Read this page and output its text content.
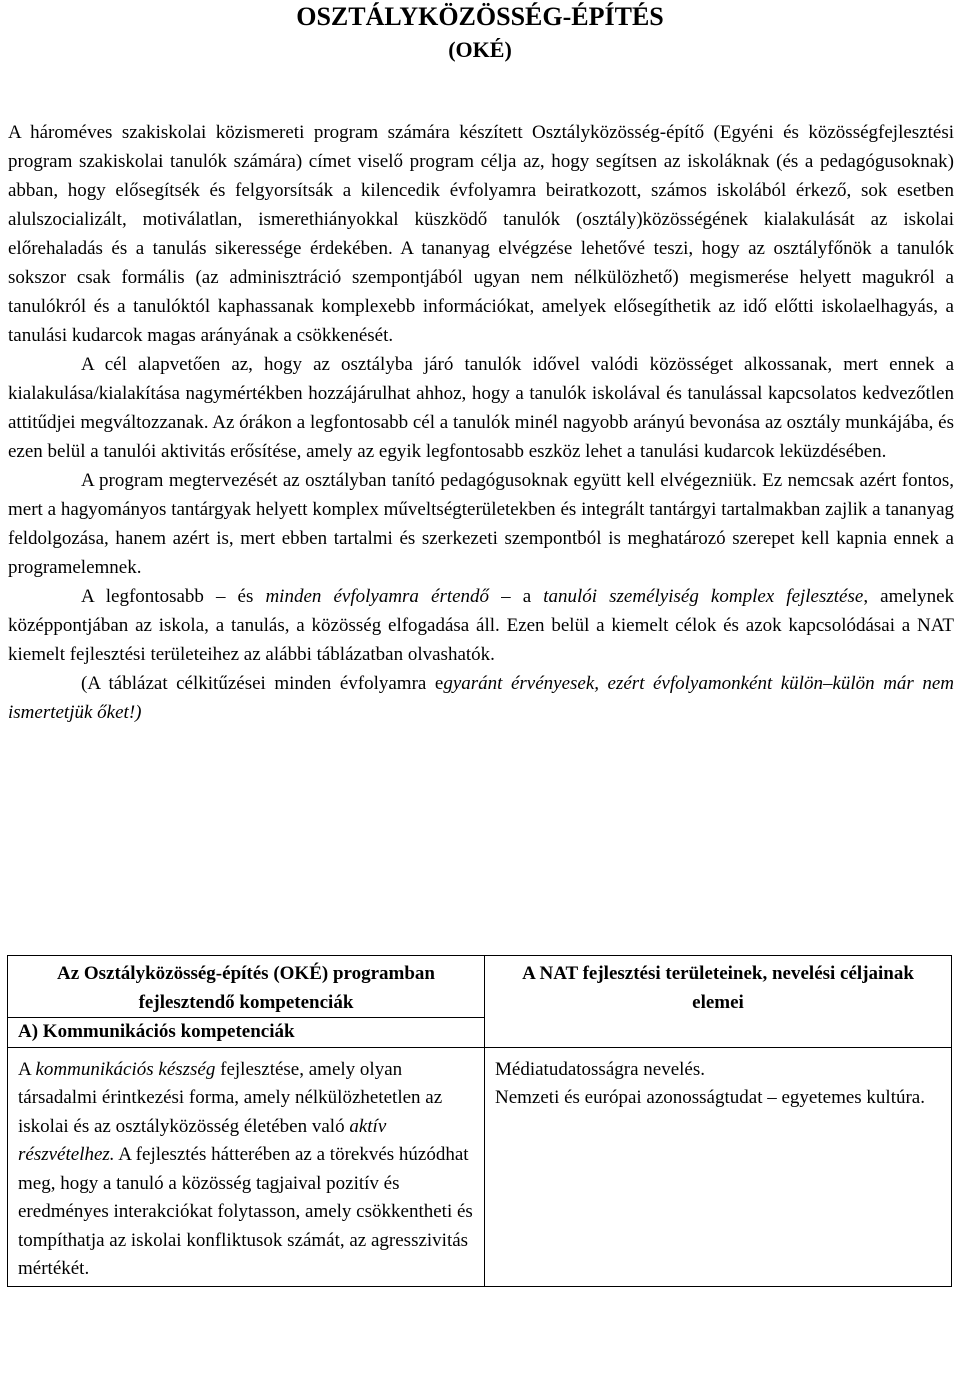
OSZTÁLYKÖZÖSSÉG-ÉPÍTÉS
(OKÉ)

A hároméves szakiskolai közismereti program számára készített Osztályközösség-építő (Egyéni és közösségfejlesztési program szakiskolai tanulók számára) címet viselő program célja az, hogy segítsen az iskoláknak (és a pedagógusoknak) abban, hogy elősegítsék és felgyorsítsák a kilencedik évfolyamra beiratkozott, számos iskolából érkező, sok esetben alulszocializált, motiválatlan, ismerethiányokkal küszködő tanulók (osztály)közösségének kialakulását az iskolai előrehaladás és a tanulás sikeressége érdekében. A tananyag elvégzése lehetővé teszi, hogy az osztályfőnök a tanulók sokszor csak formális (az adminisztráció szempontjából ugyan nem nélkülözhető) megismerése helyett magukról a tanulókról és a tanulóktól kaphassanak komplexebb információkat, amelyek elősegíthetik az idő előtti iskolaelhagyás, a tanulási kudarcok magas arányának a csökkenését.

A cél alapvetően az, hogy az osztályba járó tanulók idővel valódi közösséget alkossanak, mert ennek a kialakulása/kialakítása nagymértékben hozzájárulhat ahhoz, hogy a tanulók iskolával és tanulással kapcsolatos kedvezőtlen attitűdjei megváltozzanak. Az órákon a legfontosabb cél a tanulók minél nagyobb arányú bevonása az osztály munkájába, és ezen belül a tanulói aktivitás erősítése, amely az egyik legfontosabb eszköz lehet a tanulási kudarcok leküzdésében.

A program megtervezését az osztályban tanító pedagógusoknak együtt kell elvégezniük. Ez nemcsak azért fontos, mert a hagyományos tantárgyak helyett komplex műveltségterületekben és integrált tantárgyi tartalmakban zajlik a tananyag feldolgozása, hanem azért is, mert ebben tartalmi és szerkezeti szempontból is meghatározó szerepet kell kapnia ennek a programelemnek.

A legfontosabb – és minden évfolyamra értendő – a tanulói személyiség komplex fejlesztése, amelynek középpontjában az iskola, a tanulás, a közösség elfogadása áll. Ezen belül a kiemelt célok és azok kapcsolódásai a NAT kiemelt fejlesztési területeihez az alábbi táblázatban olvashatók.

(A táblázat célkitűzései minden évfolyamra egyaránt érvényesek, ezért évfolyamonként külön–külön már nem ismertetjük őket!)

Az Osztályközösség-építés (OKÉ) programban fejlesztendő kompetenciák	A NAT fejlesztési területeinek, nevelési céljainak elemei
A) Kommunikációs kompetenciák	
A kommunikációs készség fejlesztése, amely olyan társadalmi érintkezési forma, amely nélkülözhetetlen az iskolai és az osztályközösség életében való aktív részvételhez. A fejlesztés hátterében az a törekvés húzódhat meg, hogy a tanuló a közösség tagjaival pozitív és eredményes interakciókat folytasson, amely csökkentheti és tompíthatja az iskolai konfliktusok számát, az agresszivitás mértékét.	Médiatudatosságra nevelés.
Nemzeti és európai azonosságtudat – egyetemes kultúra.
